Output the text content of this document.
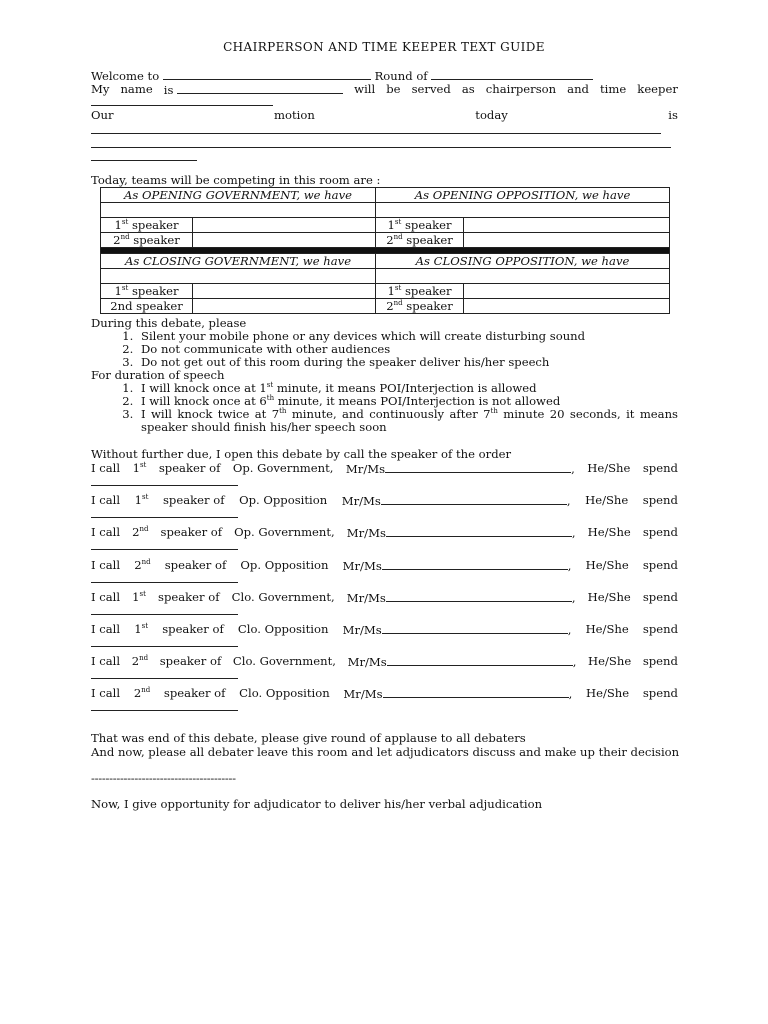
CHAIRPERSON AND TIME KEEPER TEXT GUIDE
Welcome to	Round of
My name is	will be served as chairperson and time keeper
Our	motion	today	is
Today, teams will be competing in this room are :
As OPENING GOVERNMENT, we have		As OPENING OPPOSITION, we have	

1st speaker		1st speaker	
2nd speaker		2nd speaker	

As CLOSING GOVERNMENT, we have		As CLOSING OPPOSITION, we have	

1st speaker		1st speaker	
2nd speaker		2nd speaker	
During this debate, please
1. Silent your mobile phone or any devices which will create disturbing sound
2. Do not communicate with other audiences
3. Do not get out of this room during the speaker deliver his/her speech
For duration of speech
1. I will knock once at 1st minute, it means POI/Interjection is allowed
2. I will knock once at 6th minute, it means POI/Interjection is not allowed
3. I will knock twice at 7th minute, and continuously after 7th minute 20 seconds, it means speaker should finish his/her speech soon
Without further due, I open this debate by call the speaker of the order
I call 1st speaker of Op. Government, Mr/Ms	, He/She spend
I call 1st speaker of Op. Opposition Mr/Ms	, He/She spend
I call 2nd speaker of Op. Government, Mr/Ms	, He/She spend
I call 2nd speaker of Op. Opposition Mr/Ms	, He/She spend
I call 1st speaker of Clo. Government, Mr/Ms	, He/She spend
I call 1st speaker of Clo. Opposition Mr/Ms	, He/She spend
I call 2nd speaker of Clo. Government, Mr/Ms	, He/She spend
I call 2nd speaker of Clo. Opposition Mr/Ms	, He/She spend
That was end of this debate, please give round of applause to all debaters
And now, please all debater leave this room and let adjudicators discuss and make up their decision
----------------------------------------
Now, I give opportunity for adjudicator to deliver his/her verbal adjudication
